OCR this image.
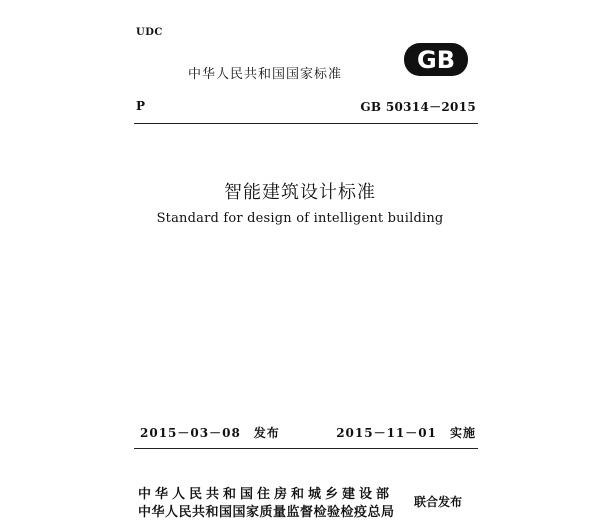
UDC
中华人民共和国国家标准
GB
P	GB 50314－2015
智能建筑设计标准
Standard for design of intelligent building
2015－03－08　发布	2015－11－01　实施
中华人民共和国住房和城乡建设部
中华人民共和国国家质量监督检验检疫总局
联合发布
